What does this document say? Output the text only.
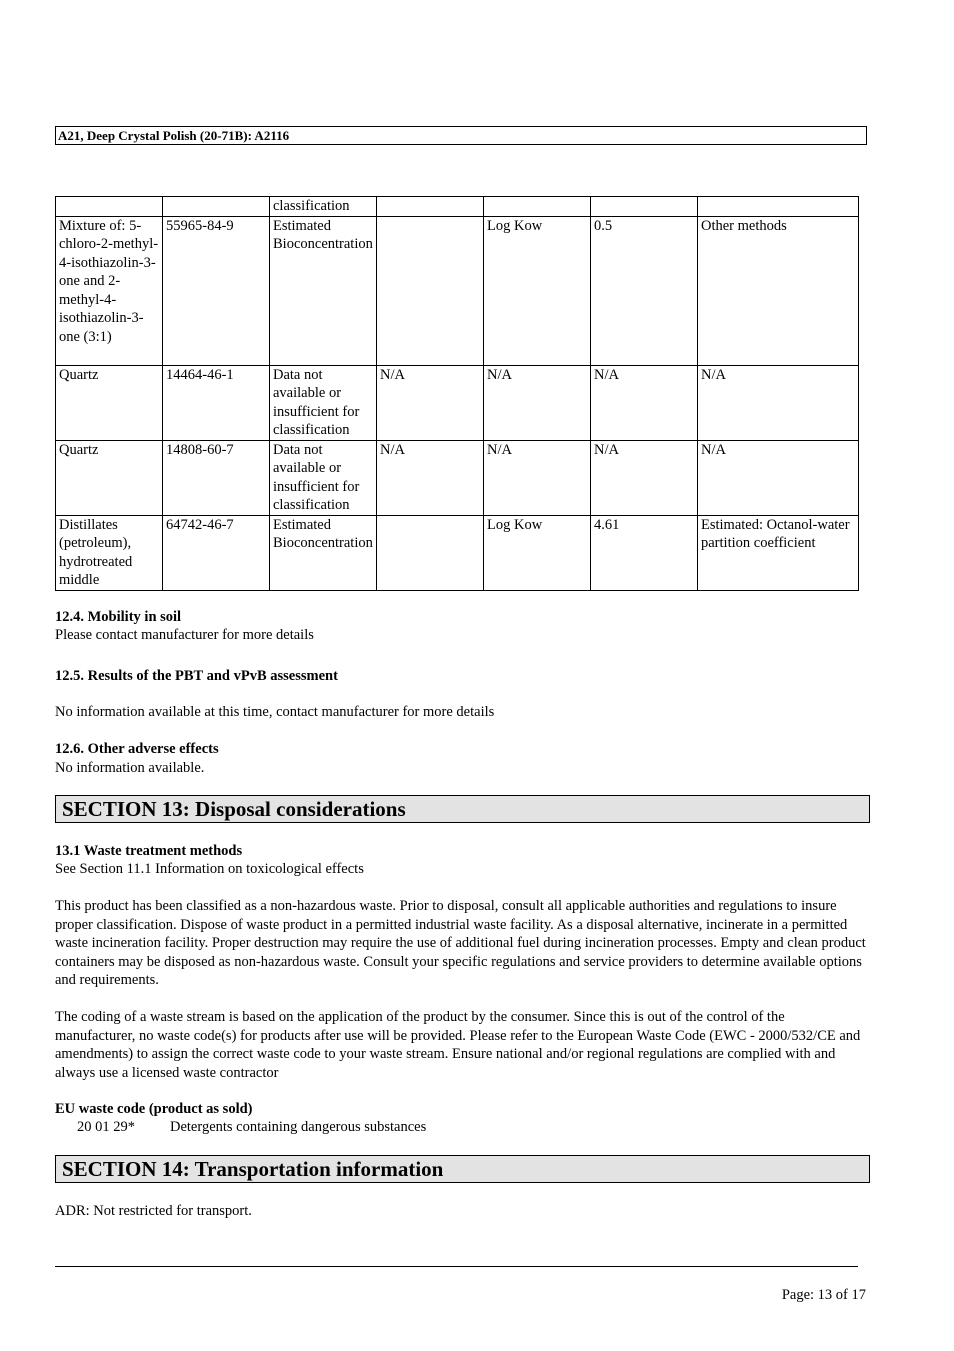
A21, Deep Crystal Polish (20-71B): A2116
		classification				
Mixture of: 5-chloro-2-methyl-4-isothiazolin-3-one and 2-methyl-4-isothiazolin-3-one (3:1)	55965-84-9	Estimated Bioconcentration		Log Kow	0.5	Other methods
Quartz	14464-46-1	Data not available or insufficient for classification	N/A	N/A	N/A	N/A
Quartz	14808-60-7	Data not available or insufficient for classification	N/A	N/A	N/A	N/A
Distillates (petroleum), hydrotreated middle	64742-46-7	Estimated Bioconcentration		Log Kow	4.61	Estimated: Octanol-water partition coefficient
12.4. Mobility in soil
Please contact manufacturer for more details
12.5. Results of the PBT and vPvB assessment
No information available at this time, contact manufacturer for more details
12.6. Other adverse effects
No information available.
SECTION 13: Disposal considerations
13.1 Waste treatment methods
See Section 11.1 Information on toxicological effects
This product has been classified as a non-hazardous waste. Prior to disposal, consult all applicable authorities and regulations to insure proper classification. Dispose of waste product in a permitted industrial waste facility. As a disposal alternative, incinerate in a permitted waste incineration facility. Proper destruction may require the use of additional fuel during incineration processes. Empty and clean product containers may be disposed as non-hazardous waste. Consult your specific regulations and service providers to determine available options and requirements.
The coding of a waste stream is based on the application of the product by the consumer. Since this is out of the control of the manufacturer, no waste code(s) for products after use will be provided. Please refer to the European Waste Code (EWC - 2000/532/CE and amendments) to assign the correct waste code to your waste stream. Ensure national and/or regional regulations are complied with and always use a licensed waste contractor
EU waste code (product as sold)
20 01 29* Detergents containing dangerous substances
SECTION 14: Transportation information
ADR: Not restricted for transport.
Page: 13 of 17
